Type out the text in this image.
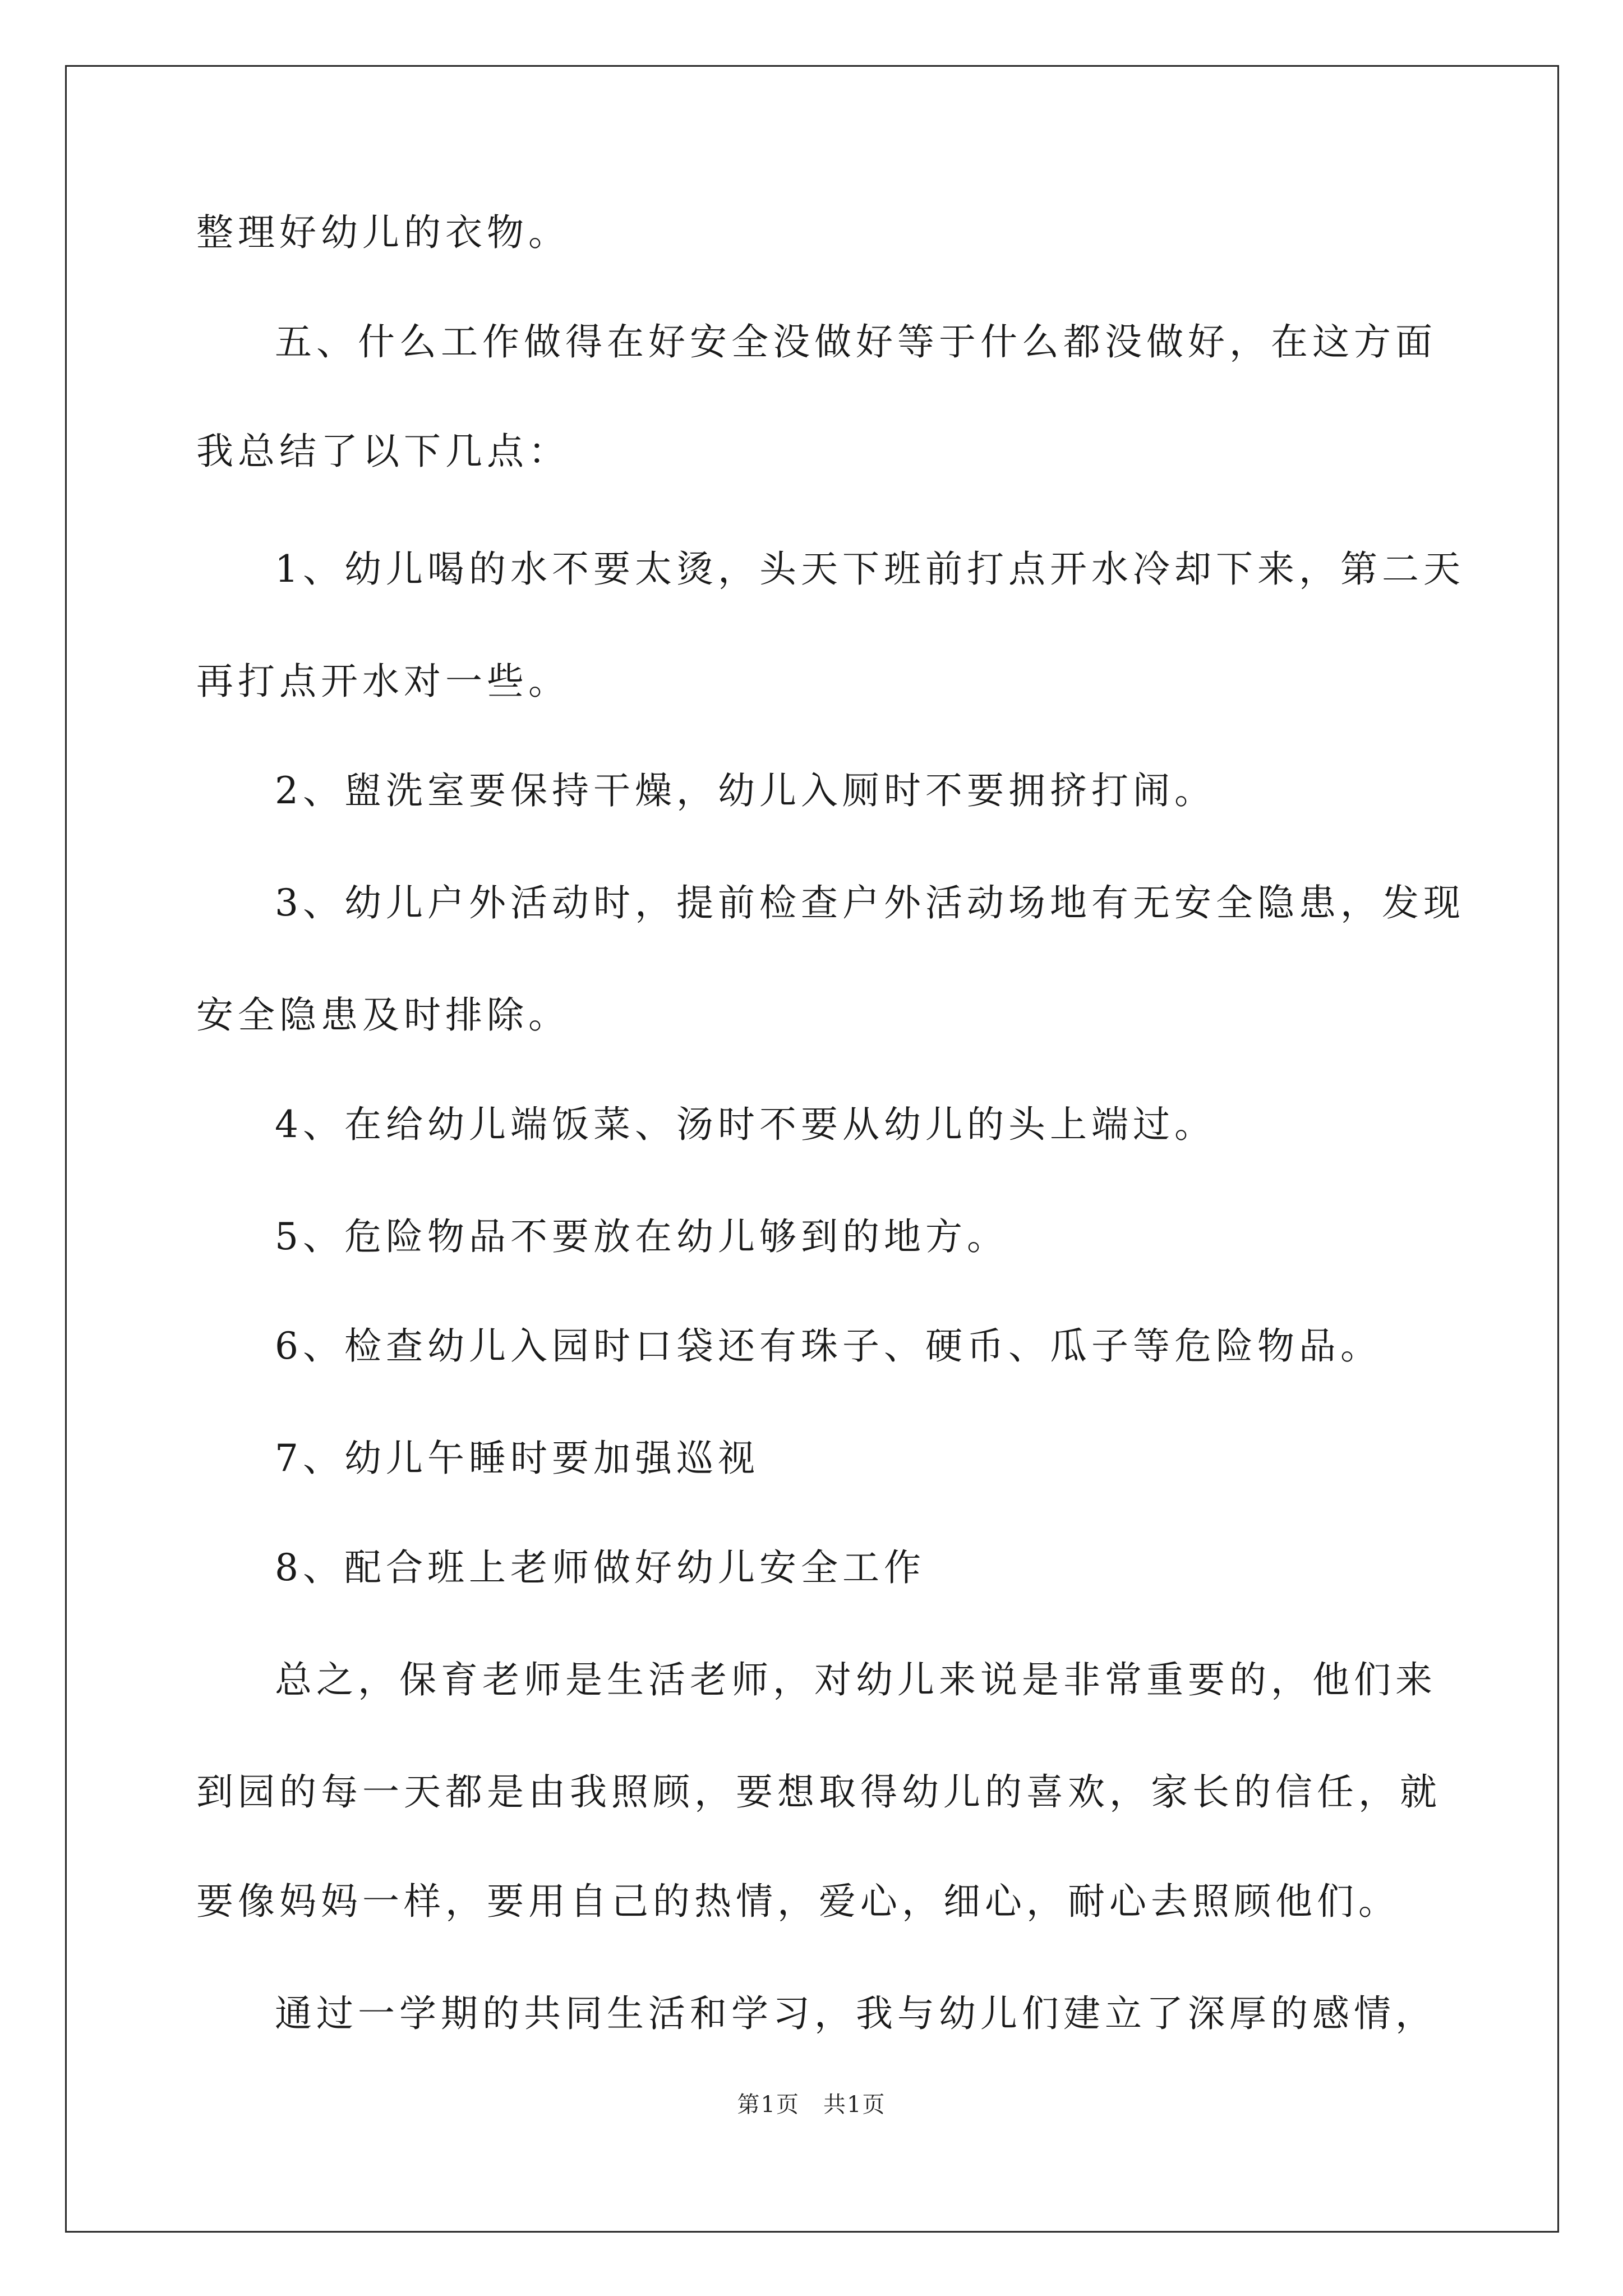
整理好幼儿的衣物。
五、什么工作做得在好安全没做好等于什么都没做好，在这方面
我总结了以下几点：
1、幼儿喝的水不要太烫，头天下班前打点开水冷却下来，第二天
再打点开水对一些。
2、盥洗室要保持干燥，幼儿入厕时不要拥挤打闹。
3、幼儿户外活动时，提前检查户外活动场地有无安全隐患，发现
安全隐患及时排除。
4、在给幼儿端饭菜、汤时不要从幼儿的头上端过。
5、危险物品不要放在幼儿够到的地方。
6、检查幼儿入园时口袋还有珠子、硬币、瓜子等危险物品。
7、幼儿午睡时要加强巡视
8、配合班上老师做好幼儿安全工作
总之，保育老师是生活老师，对幼儿来说是非常重要的，他们来
到园的每一天都是由我照顾，要想取得幼儿的喜欢，家长的信任，就
要像妈妈一样，要用自己的热情，爱心，细心，耐心去照顾他们。
通过一学期的共同生活和学习，我与幼儿们建立了深厚的感情，
第1页　共1页
